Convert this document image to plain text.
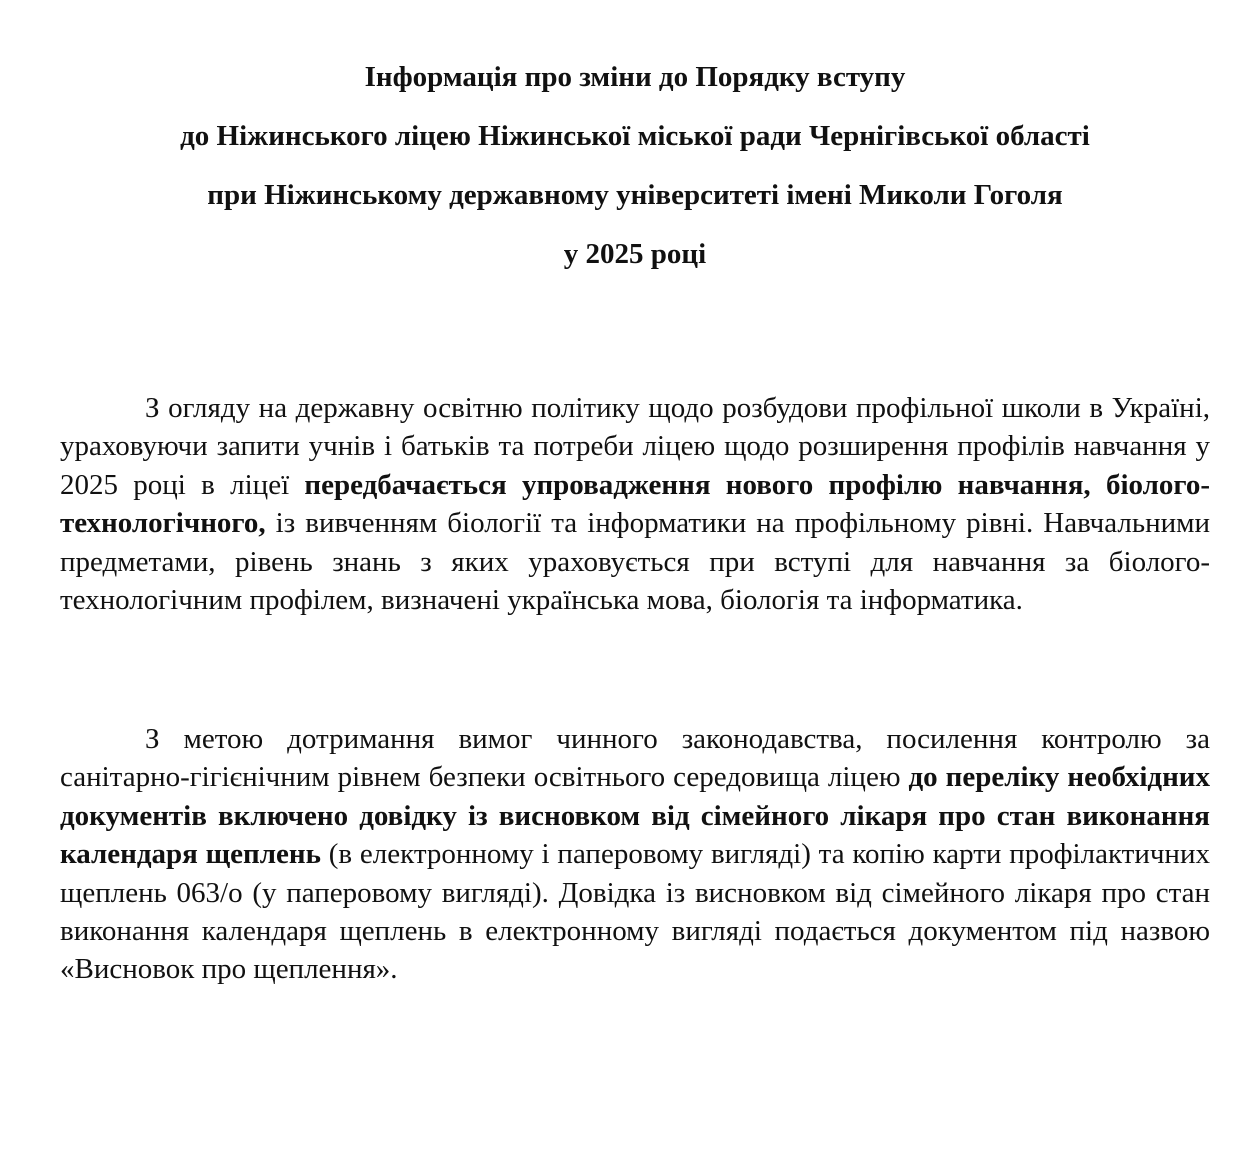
Інформація про зміни до Порядку вступу
до Ніжинського ліцею Ніжинської міської ради Чернігівської області
при Ніжинському державному університеті імені Миколи Гоголя
у 2025 році

З огляду на державну освітню політику щодо розбудови профільної школи в Україні, ураховуючи запити учнів і батьків та потреби ліцею щодо розширення профілів навчання у 2025 році в ліцеї передбачається упровадження нового профілю навчання, біолого-технологічного, із вивченням біології та інформатики на профільному рівні. Навчальними предметами, рівень знань з яких ураховується при вступі для навчання за біолого-технологічним профілем, визначені українська мова, біологія та інформатика.

З метою дотримання вимог чинного законодавства, посилення контролю за санітарно-гігієнічним рівнем безпеки освітнього середовища ліцею до переліку необхідних документів включено довідку із висновком від сімейного лікаря про стан виконання календаря щеплень (в електронному і паперовому вигляді) та копію карти профілактичних щеплень 063/о (у паперовому вигляді). Довідка із висновком від сімейного лікаря про стан виконання календаря щеплень в електронному вигляді подається документом під назвою «Висновок про щеплення».
